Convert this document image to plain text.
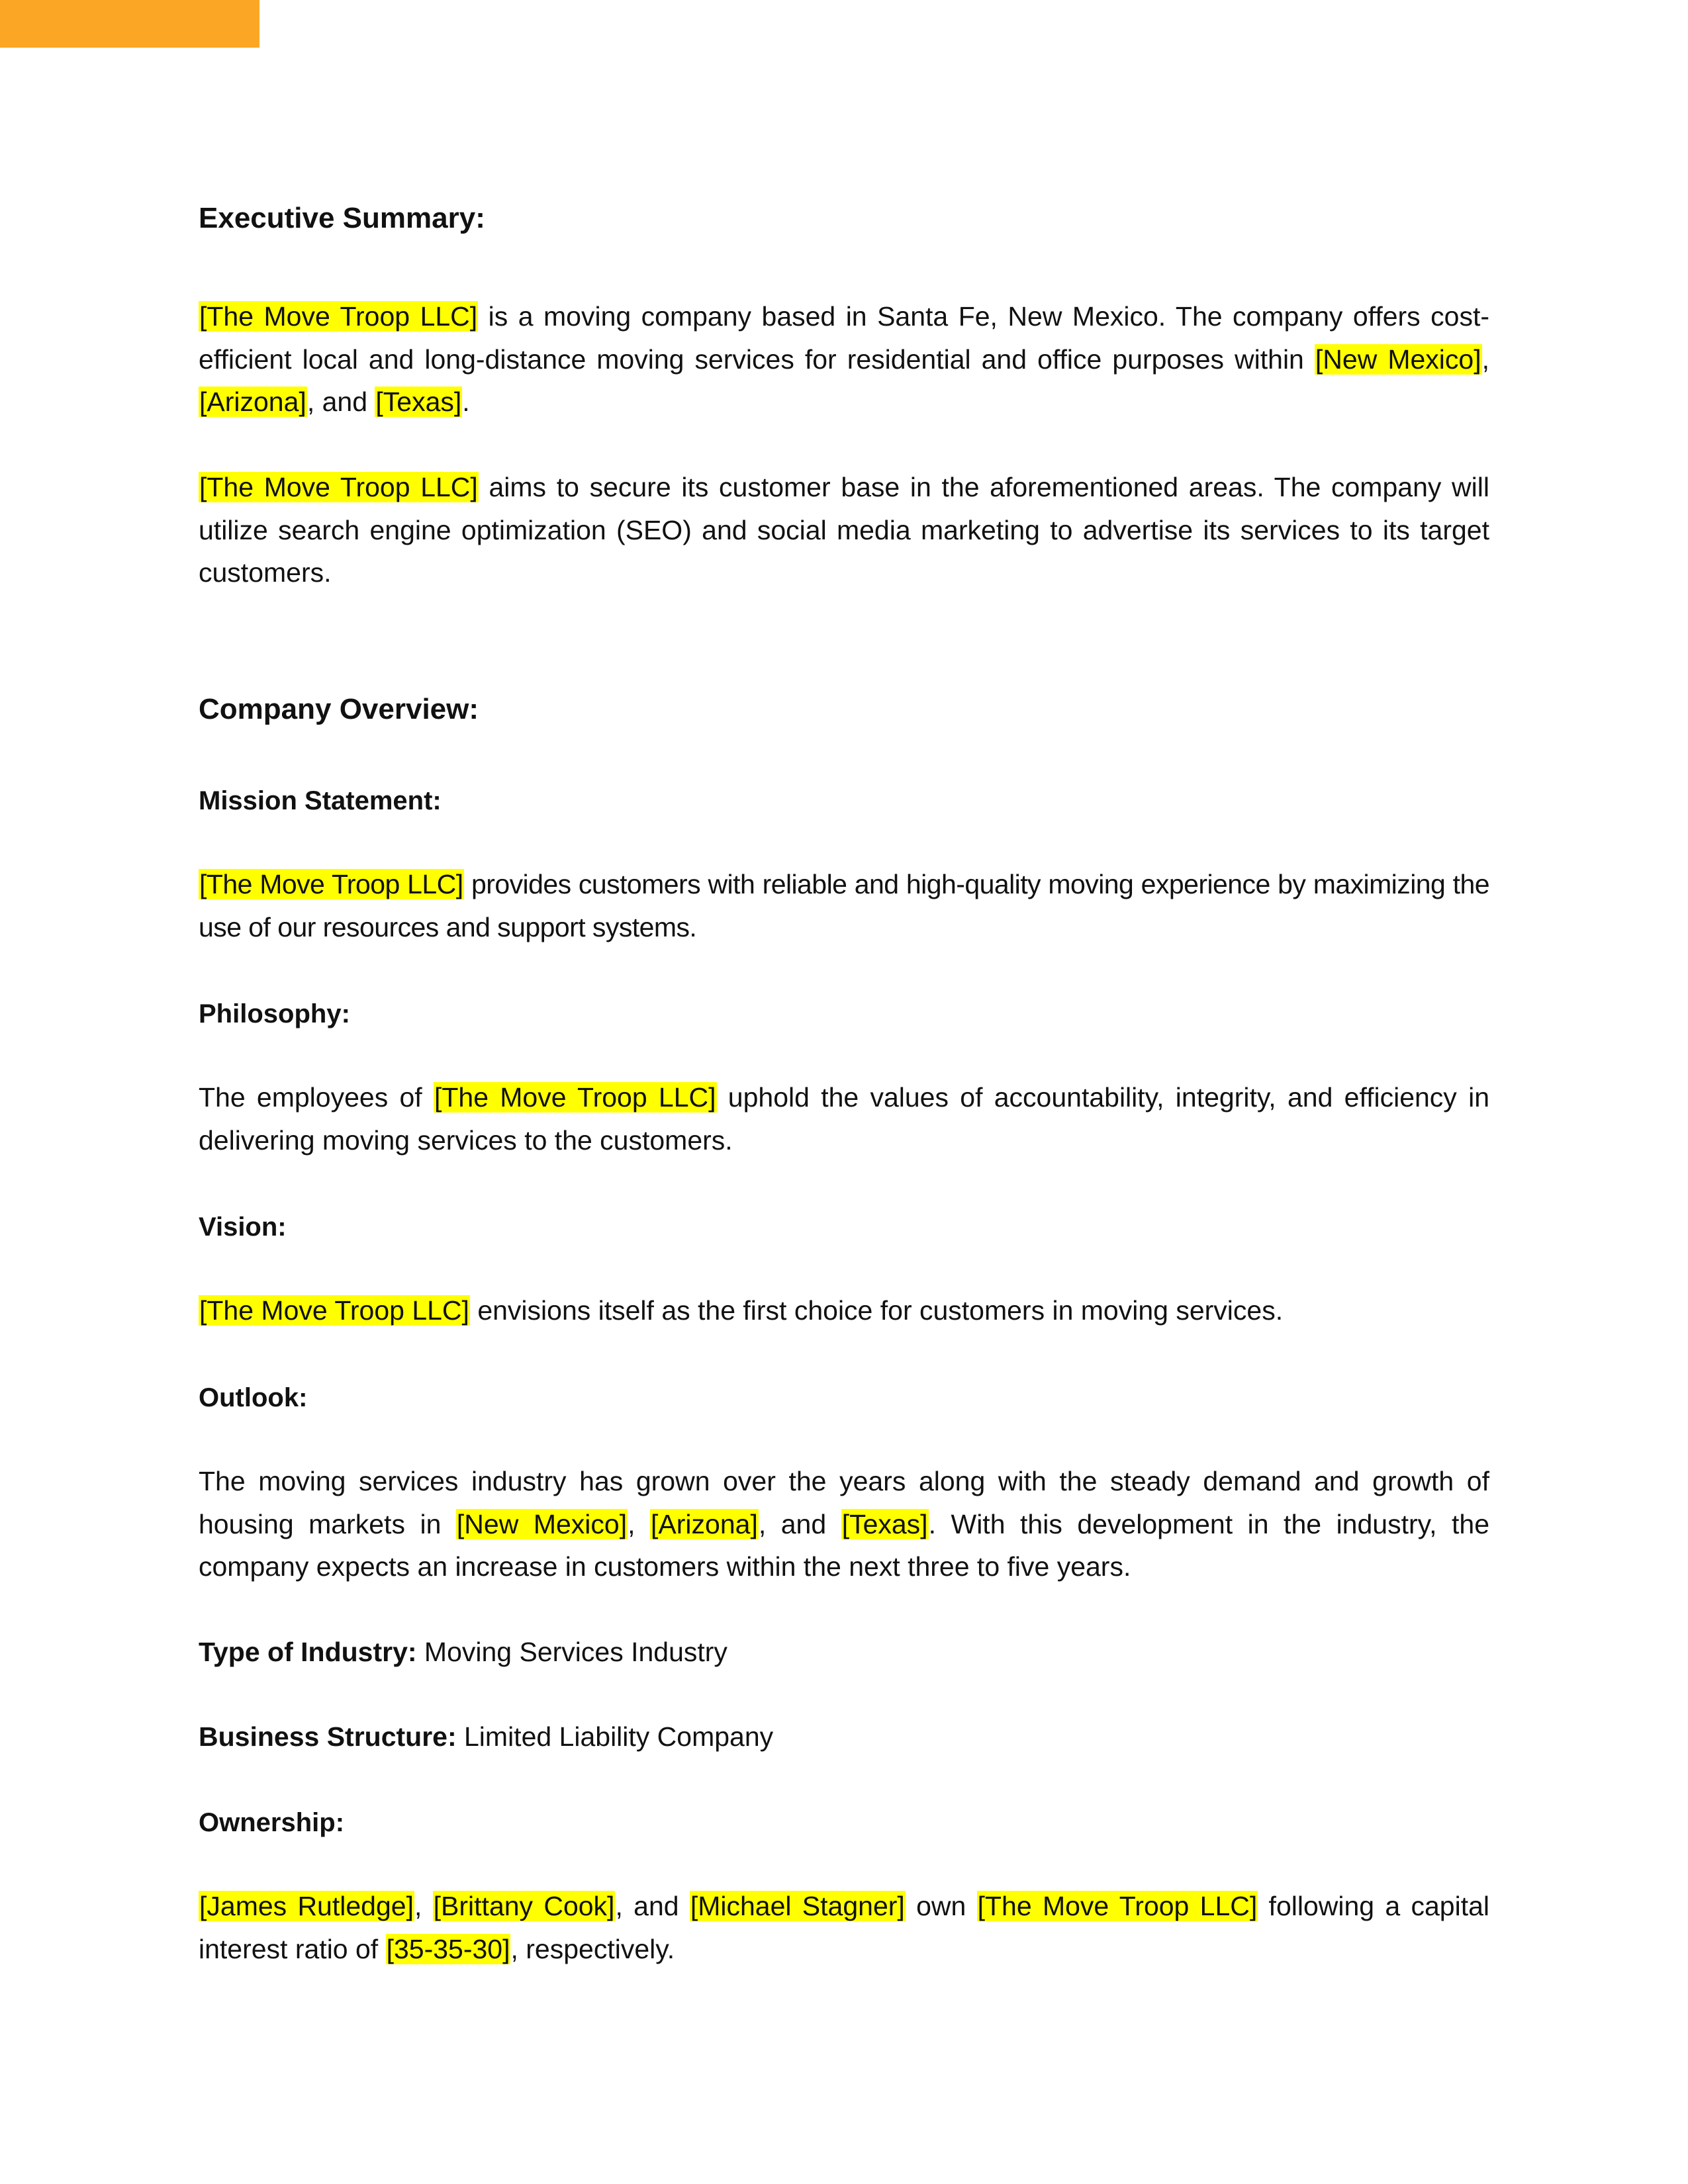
Executive Summary:

[The Move Troop LLC] is a moving company based in Santa Fe, New Mexico. The company offers cost-efficient local and long-distance moving services for residential and office purposes within [New Mexico], [Arizona], and [Texas].

[The Move Troop LLC] aims to secure its customer base in the aforementioned areas. The company will utilize search engine optimization (SEO) and social media marketing to advertise its services to its target customers.

Company Overview:

Mission Statement:

[The Move Troop LLC] provides customers with reliable and high-quality moving experience by maximizing the use of our resources and support systems.

Philosophy:

The employees of [The Move Troop LLC] uphold the values of accountability, integrity, and efficiency in delivering moving services to the customers.

Vision:

[The Move Troop LLC] envisions itself as the first choice for customers in moving services.

Outlook:

The moving services industry has grown over the years along with the steady demand and growth of housing markets in [New Mexico], [Arizona], and [Texas]. With this development in the industry, the company expects an increase in customers within the next three to five years.

Type of Industry: Moving Services Industry

Business Structure: Limited Liability Company

Ownership:

[James Rutledge], [Brittany Cook], and [Michael Stagner] own [The Move Troop LLC] following a capital interest ratio of [35-35-30], respectively.
